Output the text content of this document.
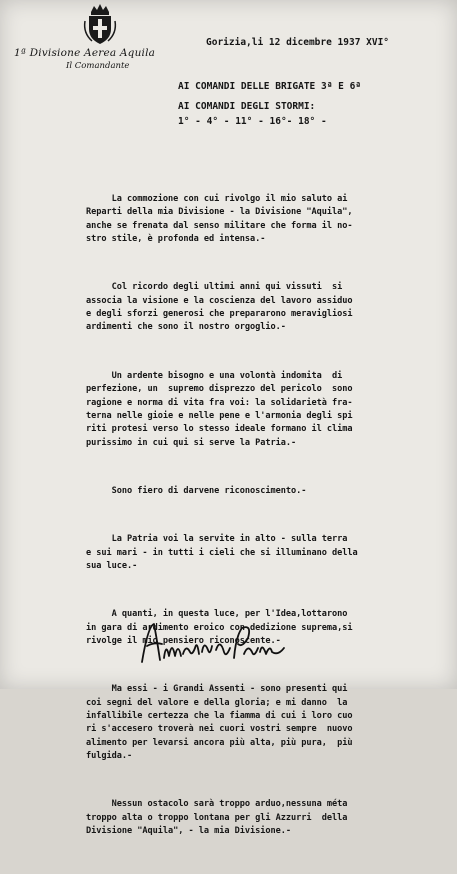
1ª Divisione Aerea Aquila
Il Comandante
Gorizia,li 12 dicembre 1937 XVI°
AI COMANDI DELLE BRIGATE 3ª E 6ª
AI COMANDI DEGLI STORMI:
1° - 4° - 11° - 16°- 18° -

La commozione con cui rivolgo il mio saluto ai
Reparti della mia Divisione - la Divisione "Aquila",
anche se frenata dal senso militare che forma il no-
stro stile, è profonda ed intensa.-

Col ricordo degli ultimi anni qui vissuti  si
associa la visione e la coscienza del lavoro assiduo
e degli sforzi generosi che prepararono meravigliosi
ardimenti che sono il nostro orgoglio.-

Un ardente bisogno e una volontà indomita  di
perfezione, un  supremo disprezzo del pericolo  sono
ragione e norma di vita fra voi: la solidarietà fra-
terna nelle gioie e nelle pene e l'armonia degli spi
riti protesi verso lo stesso ideale formano il clima
purissimo in cui qui si serve la Patria.-

Sono fiero di darvene riconoscimento.-

La Patria voi la servite in alto - sulla terra
e sui mari - in tutti i cieli che si illuminano della
sua luce.-

A quanti, in questa luce, per l'Idea,lottarono
in gara di ardimento eroico con dedizione suprema,si
rivolge il mio pensiero riconoscente.-

Ma essi - i Grandi Assenti - sono presenti qui
coi segni del valore e della gloria; e mi danno  la
infallibile certezza che la fiamma di cui i loro cuo
ri s'accesero troverà nei cuori vostri sempre  nuovo
alimento per levarsi ancora più alta, più pura,  più
fulgida.-

Nessun ostacolo sarà troppo arduo,nessuna méta
troppo alta o troppo lontana per gli Azzurri  della
Divisione "Aquila", - la mia Divisione.-
